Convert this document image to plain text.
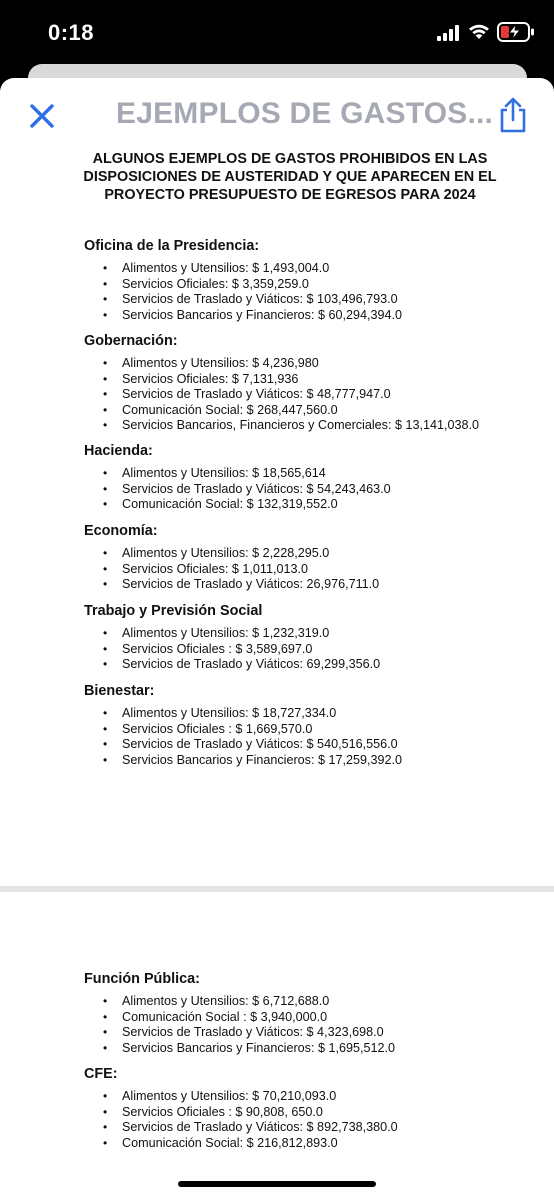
0:18
EJEMPLOS DE GASTOS...
ALGUNOS EJEMPLOS DE GASTOS PROHIBIDOS EN LAS
DISPOSICIONES DE AUSTERIDAD Y QUE APARECEN EN EL
PROYECTO PRESUPUESTO DE EGRESOS PARA 2024
Oficina de la Presidencia:
• Alimentos y Utensilios: $ 1,493,004.0
• Servicios Oficiales: $ 3,359,259.0
• Servicios de Traslado y Viáticos: $ 103,496,793.0
• Servicios Bancarios y Financieros: $ 60,294,394.0
Gobernación:
• Alimentos y Utensilios: $ 4,236,980
• Servicios Oficiales: $ 7,131,936
• Servicios de Traslado y Viáticos: $ 48,777,947.0
• Comunicación Social: $ 268,447,560.0
• Servicios Bancarios, Financieros y Comerciales: $ 13,141,038.0
Hacienda:
• Alimentos y Utensilios: $ 18,565,614
• Servicios de Traslado y Viáticos: $ 54,243,463.0
• Comunicación Social: $ 132,319,552.0
Economía:
• Alimentos y Utensilios: $ 2,228,295.0
• Servicios Oficiales: $ 1,011,013.0
• Servicios de Traslado y Viáticos: 26,976,711.0
Trabajo y Previsión Social
• Alimentos y Utensilios: $ 1,232,319.0
• Servicios Oficiales : $ 3,589,697.0
• Servicios de Traslado y Viáticos: 69,299,356.0
Bienestar:
• Alimentos y Utensilios: $ 18,727,334.0
• Servicios Oficiales : $ 1,669,570.0
• Servicios de Traslado y Viáticos: $ 540,516,556.0
• Servicios Bancarios y Financieros: $ 17,259,392.0
Función Pública:
• Alimentos y Utensilios: $ 6,712,688.0
• Comunicación Social : $ 3,940,000.0
• Servicios de Traslado y Viáticos: $ 4,323,698.0
• Servicios Bancarios y Financieros: $ 1,695,512.0
CFE:
• Alimentos y Utensilios: $ 70,210,093.0
• Servicios Oficiales : $ 90,808, 650.0
• Servicios de Traslado y Viáticos: $ 892,738,380.0
• Comunicación Social: $ 216,812,893.0
